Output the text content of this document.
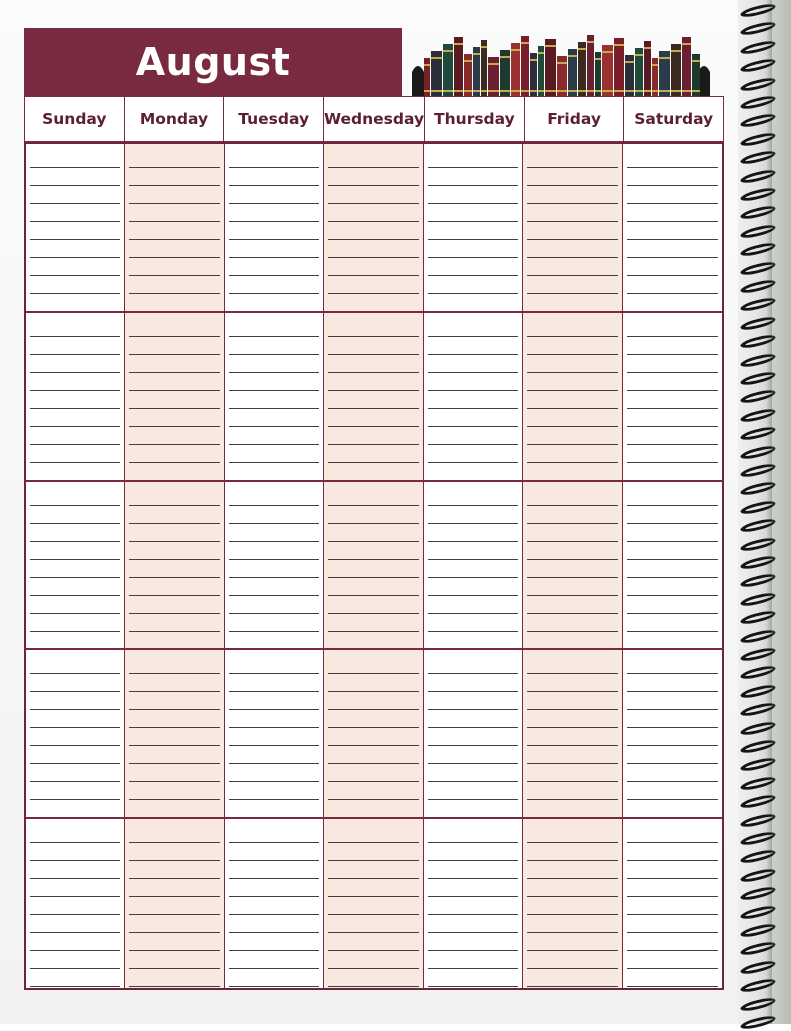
August
Sunday Monday Tuesday Wednesday Thursday Friday Saturday
